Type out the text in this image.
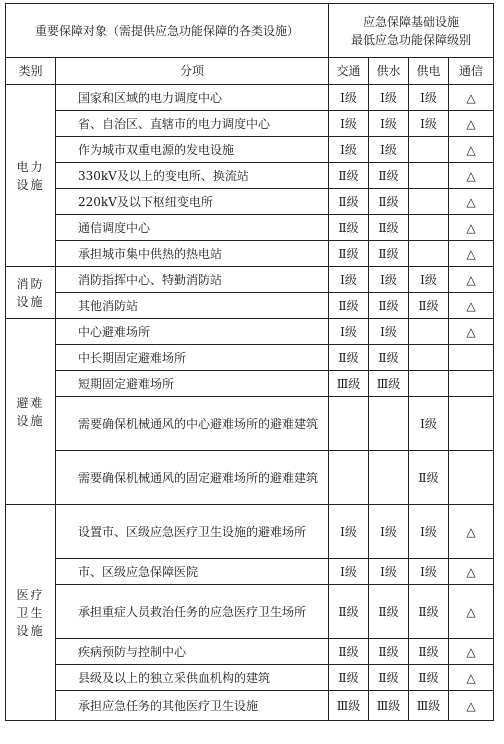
重要保障对象（需提供应急功能保障的各类设施）		应急保障基础设施
最低应急功能保障级别			

类别	分项	交通	供水	供电	通信
电力设施	国家和区域的电力调度中心	Ⅰ级	Ⅰ级	Ⅰ级	△
	省、自治区、直辖市的电力调度中心	Ⅰ级	Ⅰ级	Ⅰ级	△
	作为城市双重电源的发电设施	Ⅰ级	Ⅰ级		△
	330kV及以上的变电所、换流站	Ⅱ级	Ⅱ级		△
	220kV及以下枢纽变电所	Ⅱ级	Ⅱ级		△
	通信调度中心	Ⅱ级	Ⅱ级		△
	承担城市集中供热的热电站	Ⅱ级	Ⅱ级		△
消防设施	消防指挥中心、特勤消防站	Ⅰ级	Ⅰ级	Ⅰ级	△
	其他消防站	Ⅱ级	Ⅱ级	Ⅱ级	△
避难设施	中心避难场所	Ⅰ级	Ⅰ级		△
	中长期固定避难场所	Ⅱ级	Ⅱ级		
	短期固定避难场所	Ⅲ级	Ⅲ级		
	需要确保机械通风的中心避难场所的避难建筑			Ⅰ级	
	需要确保机械通风的固定避难场所的避难建筑			Ⅱ级	
医疗卫生设施	设置市、区级应急医疗卫生设施的避难场所	Ⅰ级	Ⅰ级	Ⅰ级	△
	市、区级应急保障医院	Ⅰ级	Ⅰ级	Ⅰ级	△
	承担重症人员救治任务的应急医疗卫生场所	Ⅱ级	Ⅱ级	Ⅱ级	△
	疾病预防与控制中心	Ⅱ级	Ⅱ级	Ⅱ级	△
	县级及以上的独立采供血机构的建筑	Ⅱ级	Ⅱ级	Ⅱ级	△
	承担应急任务的其他医疗卫生设施	Ⅲ级	Ⅲ级	Ⅲ级	△
